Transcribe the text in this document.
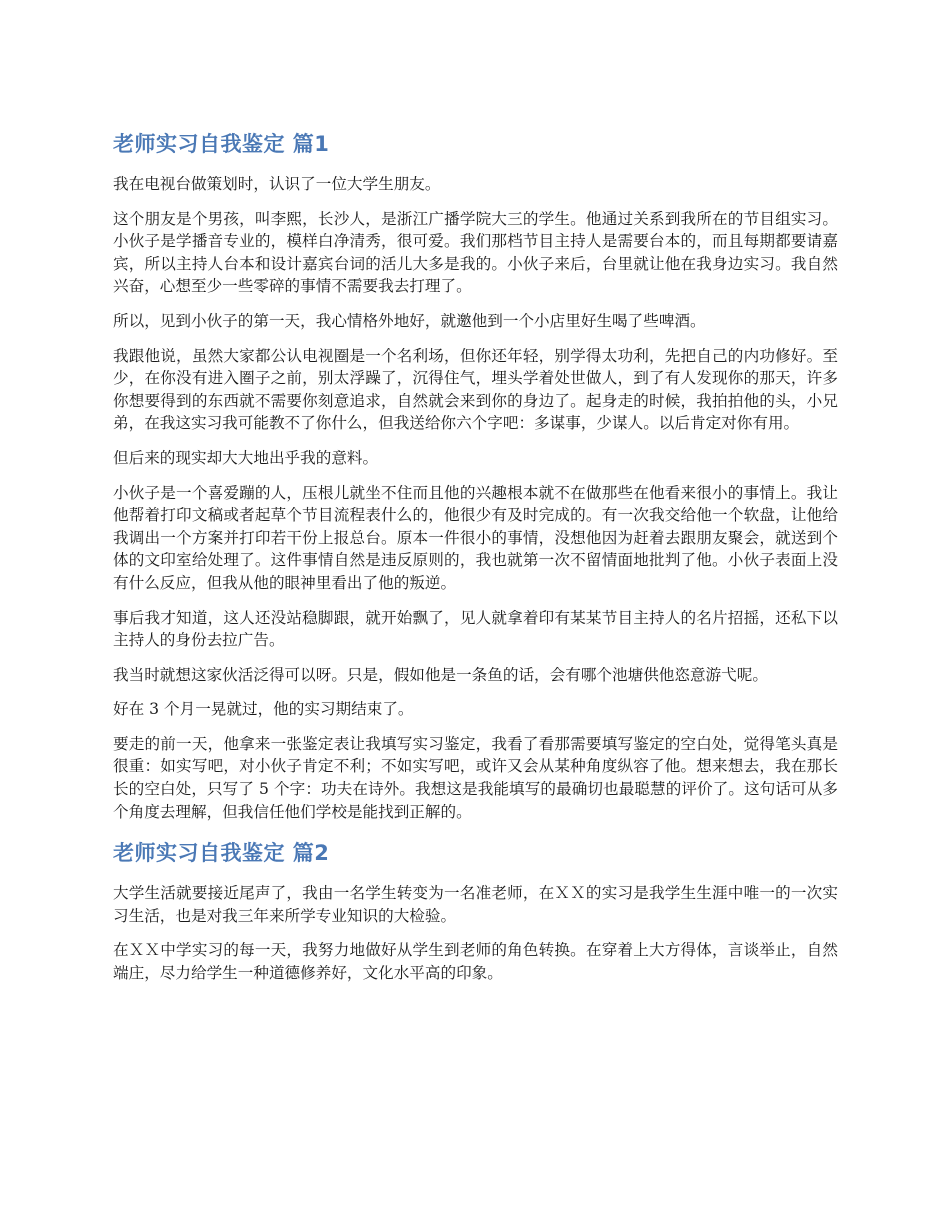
老师实习自我鉴定 篇1

我在电视台做策划时，认识了一位大学生朋友。

这个朋友是个男孩，叫李熙，长沙人，是浙江广播学院大三的学生。他通过关系到我所在的节目组实习。小伙子是学播音专业的，模样白净清秀，很可爱。我们那档节目主持人是需要台本的，而且每期都要请嘉宾，所以主持人台本和设计嘉宾台词的活儿大多是我的。小伙子来后，台里就让他在我身边实习。我自然兴奋，心想至少一些零碎的事情不需要我去打理了。

所以，见到小伙子的第一天，我心情格外地好，就邀他到一个小店里好生喝了些啤酒。

我跟他说，虽然大家都公认电视圈是一个名利场，但你还年轻，别学得太功利，先把自己的内功修好。至少，在你没有进入圈子之前，别太浮躁了，沉得住气，埋头学着处世做人，到了有人发现你的那天，许多你想要得到的东西就不需要你刻意追求，自然就会来到你的身边了。起身走的时候，我拍拍他的头，小兄弟，在我这实习我可能教不了你什么，但我送给你六个字吧：多谋事，少谋人。以后肯定对你有用。

但后来的现实却大大地出乎我的意料。

小伙子是一个喜爱蹦的人，压根儿就坐不住而且他的兴趣根本就不在做那些在他看来很小的事情上。我让他帮着打印文稿或者起草个节目流程表什么的，他很少有及时完成的。有一次我交给他一个软盘，让他给我调出一个方案并打印若干份上报总台。原本一件很小的事情，没想他因为赶着去跟朋友聚会，就送到个体的文印室给处理了。这件事情自然是违反原则的，我也就第一次不留情面地批判了他。小伙子表面上没有什么反应，但我从他的眼神里看出了他的叛逆。

事后我才知道，这人还没站稳脚跟，就开始飘了，见人就拿着印有某某节目主持人的名片招摇，还私下以主持人的身份去拉广告。

我当时就想这家伙活泛得可以呀。只是，假如他是一条鱼的话，会有哪个池塘供他恣意游弋呢。

好在 3 个月一晃就过，他的实习期结束了。

要走的前一天，他拿来一张鉴定表让我填写实习鉴定，我看了看那需要填写鉴定的空白处，觉得笔头真是很重：如实写吧，对小伙子肯定不利；不如实写吧，或许又会从某种角度纵容了他。想来想去，我在那长长的空白处，只写了 5 个字：功夫在诗外。我想这是我能填写的最确切也最聪慧的评价了。这句话可从多个角度去理解，但我信任他们学校是能找到正解的。

老师实习自我鉴定 篇2

大学生活就要接近尾声了，我由一名学生转变为一名准老师，在ＸＸ的实习是我学生生涯中唯一的一次实习生活，也是对我三年来所学专业知识的大检验。

在ＸＸ中学实习的每一天，我努力地做好从学生到老师的角色转换。在穿着上大方得体，言谈举止，自然端庄，尽力给学生一种道德修养好，文化水平高的印象。
